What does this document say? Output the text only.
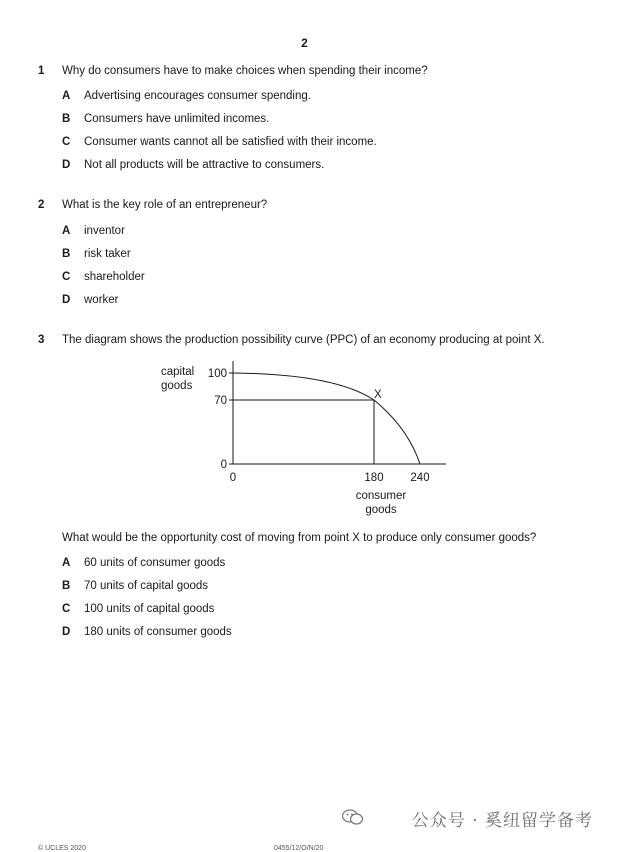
2
1 Why do consumers have to make choices when spending their income?
A Advertising encourages consumer spending.
B Consumers have unlimited incomes.
C Consumer wants cannot all be satisfied with their income.
D Not all products will be attractive to consumers.
2 What is the key role of an entrepreneur?
A inventor
B risk taker
C shareholder
D worker
3 The diagram shows the production possibility curve (PPC) of an economy producing at point X.
capital
goods
100
70
0
0	180 240
consumer
goods
X
What would be the opportunity cost of moving from point X to produce only consumer goods?
A 60 units of consumer goods
B 70 units of capital goods
C 100 units of capital goods
D 180 units of consumer goods
公众号 · 奚纽留学备考
© UCLES 2020	0455/12/O/N/20
